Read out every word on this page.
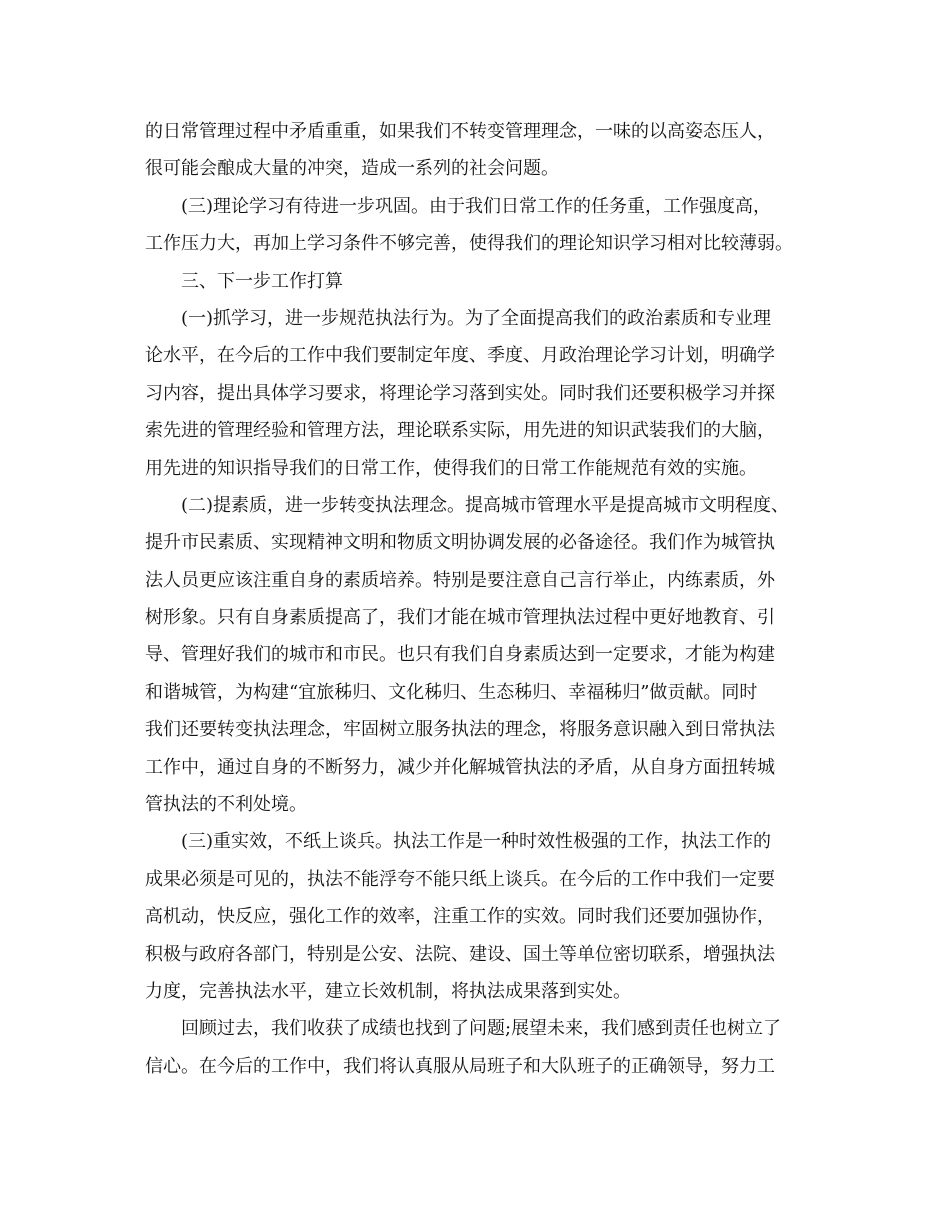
的日常管理过程中矛盾重重，如果我们不转变管理理念，一味的以高姿态压人，
很可能会酿成大量的冲突，造成一系列的社会问题。
(三)理论学习有待进一步巩固。由于我们日常工作的任务重，工作强度高，
工作压力大，再加上学习条件不够完善，使得我们的理论知识学习相对比较薄弱。
三、下一步工作打算
(一)抓学习，进一步规范执法行为。为了全面提高我们的政治素质和专业理
论水平，在今后的工作中我们要制定年度、季度、月政治理论学习计划，明确学
习内容，提出具体学习要求，将理论学习落到实处。同时我们还要积极学习并探
索先进的管理经验和管理方法，理论联系实际，用先进的知识武装我们的大脑，
用先进的知识指导我们的日常工作，使得我们的日常工作能规范有效的实施。
(二)提素质，进一步转变执法理念。提高城市管理水平是提高城市文明程度、
提升市民素质、实现精神文明和物质文明协调发展的必备途径。我们作为城管执
法人员更应该注重自身的素质培养。特别是要注意自己言行举止，内练素质，外
树形象。只有自身素质提高了，我们才能在城市管理执法过程中更好地教育、引
导、管理好我们的城市和市民。也只有我们自身素质达到一定要求，才能为构建
和谐城管，为构建“宜旅秭归、文化秭归、生态秭归、幸福秭归”做贡献。同时
我们还要转变执法理念，牢固树立服务执法的理念，将服务意识融入到日常执法
工作中，通过自身的不断努力，减少并化解城管执法的矛盾，从自身方面扭转城
管执法的不利处境。
(三)重实效，不纸上谈兵。执法工作是一种时效性极强的工作，执法工作的
成果必须是可见的，执法不能浮夸不能只纸上谈兵。在今后的工作中我们一定要
高机动，快反应，强化工作的效率，注重工作的实效。同时我们还要加强协作，
积极与政府各部门，特别是公安、法院、建设、国土等单位密切联系，增强执法
力度，完善执法水平，建立长效机制，将执法成果落到实处。
回顾过去，我们收获了成绩也找到了问题;展望未来，我们感到责任也树立了
信心。在今后的工作中，我们将认真服从局班子和大队班子的正确领导，努力工
